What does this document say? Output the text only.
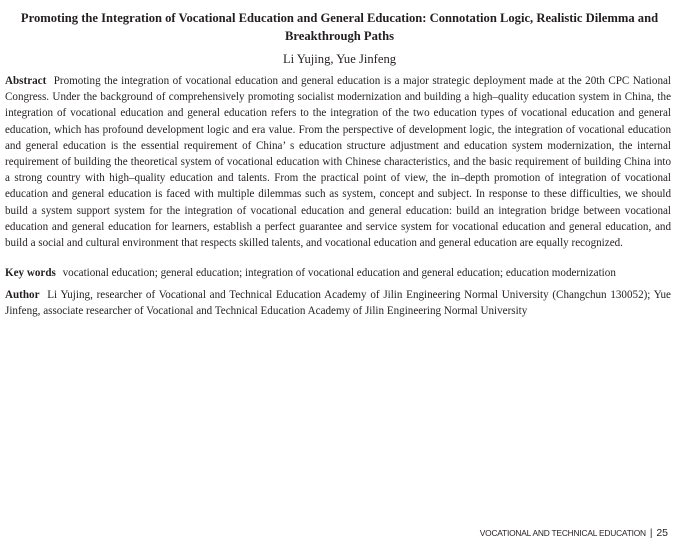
Promoting the Integration of Vocational Education and General Education: Connotation Logic, Realistic Dilemma and Breakthrough Paths
Li Yujing, Yue Jinfeng

Abstract Promoting the integration of vocational education and general education is a major strategic deployment made at the 20th CPC National Congress. Under the background of comprehensively promoting socialist modernization and building a high–quality education system in China, the integration of vocational education and general education refers to the integration of the two education types of vocational education and general education, which has profound development logic and era value. From the perspective of development logic, the integration of vocational education and general education is the essential requirement of China’ s education structure adjustment and education system modernization, the internal requirement of building the theoretical system of vocational education with Chinese characteristics, and the basic requirement of building China into a strong country with high–quality education and talents. From the practical point of view, the in–depth promotion of integration of vocational education and general education is faced with multiple dilemmas such as system, concept and subject. In response to these difficulties, we should build a system support system for the integration of vocational education and general education: build an integration bridge between vocational education and general education for learners, establish a perfect guarantee and service system for vocational education and general education, and build a social and cultural environment that respects skilled talents, and vocational education and general education are equally recognized.

Key words vocational education; general education; integration of vocational education and general education; education modernization

Author Li Yujing, researcher of Vocational and Technical Education Academy of Jilin Engineering Normal University (Changchun 130052); Yue Jinfeng, associate researcher of Vocational and Technical Education Academy of Jilin Engineering Normal University

VOCATIONAL AND TECHNICAL EDUCATION | 25
